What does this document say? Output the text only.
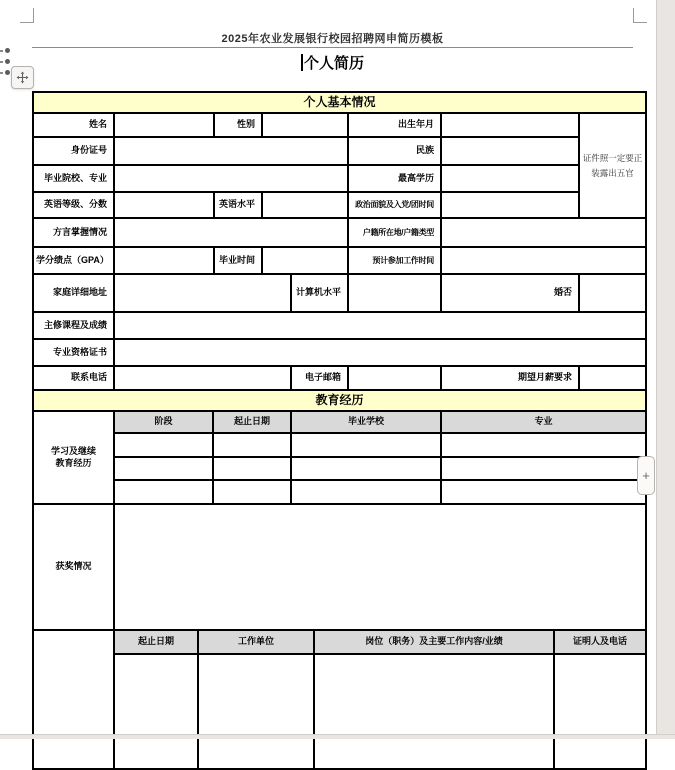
+
2025年农业发展银行校园招聘网申简历模板
个人简历
个人基本情况						
姓名		性别		出生年月		证件照一定要正
装露出五官

身份证号				民族		
毕业院校、专业				最高学历		
英语等级、分数		英语水平		政治面貌及入党/团时间		
方言掌握情况				户籍所在地/户籍类型		
学分绩点（GPA）		毕业时间		预计参加工作时间		
家庭详细地址		计算机水平		婚否	
主修课程及成绩					
专业资格证书					
联系电话		电子邮箱		期望月薪要求	
教育经历				

学习及继续
教育经历	阶段	起止日期	毕业学校	专业

获奖情况	
	起止日期	工作单位	岗位（职务）及主要工作内容/业绩	证明人及电话
